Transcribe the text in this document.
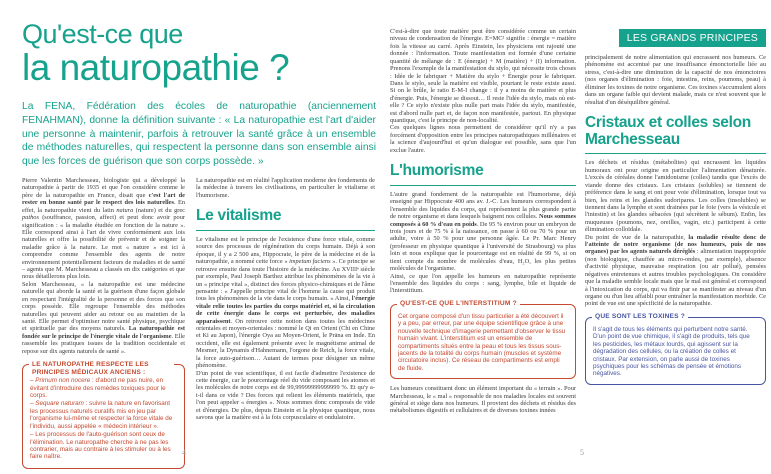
Qu'est-ce que
la naturopathie ?
La FENA, Fédération des écoles de naturopathie (anciennement FENAHMAN), donne la définition suivante : « La naturopathie est l'art d'aider une personne à maintenir, parfois à retrouver la santé grâce à un ensemble de méthodes naturelles, qui respectent la personne dans son ensemble ainsi que les forces de guérison que son corps possède. »

Pierre Valentin Marchesseau, biologiste qui a développé la naturopathie à partir de 1935 et que l'on considère comme le père de la naturopathie en France, disait que c'est l'art de rester en bonne santé par le respect des lois naturelles. En effet, la naturopathie vient du latin natura (nature) et du grec pathos (souffrance, passion, affect) et peut donc avoir pour signification : « la maladie étudiée en fonction de la nature ». Elle correspond ainsi à l'art de vivre conformément aux lois naturelles et offre la possibilité de prévenir et de soigner la maladie grâce à la nature. Le mot « nature » est ici à comprendre comme l'ensemble des agents de notre environnement potentiellement facteurs de maladies et de santé – agents que M. Marchesseau a classés en dix catégories et que nous détaillerons plus loin.

Selon Marchesseau, « la naturopathie est une médecine naturelle qui aborde la santé et la guérison d'une façon globale en respectant l'intégralité de la personne et des forces que son corps possède. Elle regroupe l'ensemble des méthodes naturelles qui peuvent aider au retour ou au maintien de la santé. Elle permet d'optimiser notre santé physique, psychique et spirituelle par des moyens naturels. La naturopathie est fondée sur le principe de l'énergie vitale de l'organisme. Elle rassemble les pratiques issues de la tradition occidentale et repose sur dix agents naturels de santé ».

LE NATUROPATHE RESPECTE LES PRINCIPES MÉDICAUX ANCIENS :
– Primum non nocere : d'abord ne pas nuire, en évitant d'introduire des remèdes toxiques pour le corps.
– Sequare naturam : suivre la nature en favorisant les processus naturels curatifs mis en jeu par l'organisme lui-même et respecter la force vitale de l'individu, aussi appelée « médecin intérieur ».
– Les processus de l'auto-guérison sont ceux de l'élimination. Le naturopathe cherche à ne pas les contrarier, mais au contraire à les stimuler ou à les faire naître.

La naturopathie est en réalité l'application moderne des fondements de la médecine à travers les civilisations, en particulier le vitalisme et l'humorisme.

Le vitalisme

Le vitalisme est le principe de l'existence d'une force vitale, comme source des processus de régénération du corps humain. Déjà à son époque, il y a 2 500 ans, Hippocrate, le père de la médecine et de la naturopathie, a nommé cette force « impetum faciens ». Ce principe se retrouve ensuite dans toute l'histoire de la médecine. Au XVIIIᵉ siècle par exemple, Paul Joseph Barthez attribue les phénomènes de la vie à un « principe vital », distinct des forces physico-chimiques et de l'âme pensante : « J'appelle principe vital de l'homme la cause qui produit tous les phénomènes de la vie dans le corps humain. » Ainsi, l'énergie vitale relie toutes les parties du corps matériel et, si la circulation de cette énergie dans le corps est perturbée, des maladies apparaissent. On retrouve cette notion dans toutes les médecines orientales et moyen-orientales : nommé le Qi en Orient (Chi en Chine et Ki au Japon), l'énergie Oya au Moyen-Orient, le Prāna en Inde. En occident, elle est également présente avec le magnétisme animal de Mesmer, la Dynamis d'Hahnemann, l'orgone de Reich, la force vitale, la force auto-guérison… Autant de termes pour désigner un même phénomène.

D'un point de vue scientifique, il est facile d'admettre l'existence de cette énergie, car le pourcentage réel du vide composant les atomes et les molécules de notre corps est de 99,99999999999999 %. Et qu'y a-t-il dans ce vide ? Des forces qui relient les éléments matériels, que l'on peut appeler « énergies ». Nous sommes donc composés de vide et d'énergies. De plus, depuis Einstein et la physique quantique, nous savons que la matière est à la fois corpusculaire et ondulatoire.

4
LES GRANDS PRINCIPES

C'est-à-dire que toute matière peut être considérée comme un certain niveau de condensation de l'énergie. E=MC² signifie : énergie = matière fois la vitesse au carré. Après Einstein, les physiciens ont rajouté une donnée : l'information. Toute manifestation est formée d'une certaine quantité de mélange de : E (énergie) + M (matière) + (I) information. Prenons l'exemple de la manifestation du stylo, qui nécessite trois choses : Idée de le fabriquer + Matière du stylo + Énergie pour le fabriquer. Dans le stylo, seule la matière est visible, pourtant le reste existe aussi. Si on le brûle, le ratio E-M-I change : il y a moins de matière et plus d'énergie. Puis, l'énergie se dissout… Il reste l'idée du stylo, mais où est-elle ? Ce stylo n'existe plus nulle part mais l'idée du stylo, manifestée, est d'abord nulle part et, de façon non manifestée, partout. En physique quantique, c'est le principe de non-localité.

Ces quelques lignes nous permettent de considérer qu'il n'y a pas forcément d'opposition entre les principes naturopathiques millénaires et la science d'aujourd'hui et qu'un dialogue est possible, sans que l'un exclue l'autre.

L'humorisme

L'autre grand fondement de la naturopathie est l'humorisme, déjà enseigné par Hippocrate 400 ans av. J.-C. Les humeurs correspondent à l'ensemble des liquides du corps, qui représentent la plus grande partie de notre organisme et dans lesquels baignent nos cellules. Nous sommes composés à 60 % d'eau en poids. De 95 % environ pour un embryon de trois jours et de 75 % à la naissance, on passe à 60 ou 70 % pour un adulte, voire à 50 % pour une personne âgée. Le Pr. Marc Henry (professeur en physique quantique à l'université de Strasbourg) va plus loin et nous explique que le pourcentage est en réalité de 99 %, si on tient compte du nombre de molécules d'eau, H₂O, les plus petites molécules de l'organisme.

Ainsi, ce que l'on appelle les humeurs en naturopathie représente l'ensemble des liquides du corps : sang, lymphe, bile et liquide de l'interstitium.

QU'EST-CE QUE L'INTERSTITIUM ?
Cet organe composé d'un tissu particulier a été découvert il y a peu, par erreur, par une équipe scientifique grâce à une nouvelle technique d'imagerie permettant d'observer le tissu humain vivant. L'interstitium est un ensemble de compartiments situés entre la peau et tous les tissus sous-jacents de la totalité du corps humain (muscles et système circulatoire inclus). Ce réseau de compartiments est empli de fluide.

Les humeurs constituent donc un élément important du « terrain ». Pour Marchesseau, le « mal » responsable de nos maladies locales est souvent général et siège dans nos humeurs. Il provient des déchets et résidus des métabolismes digestifs et cellulaires et de diverses toxines innées

principalement de notre alimentation qui encrassent nos humeurs. Ce phénomène est accentué par une insuffisance émonctorielle liée au stress, c'est-à-dire une diminution de la capacité de nos émonctoires (nos organes d'élimination : foie, intestins, reins, poumons, peau) à éliminer les toxines de notre organisme. Ces toxines s'accumulent alors dans un organe faible qui devient malade, mais ce n'est souvent que le résultat d'un déséquilibre général.

Cristaux et colles selon Marchesseau

Les déchets et résidus (métabolites) qui encrassent les liquides humoraux ont pour origine en particulier l'alimentation dénaturée. L'excès de céréales donne l'amidonisme (colles) tandis que l'excès de viande donne des cristaux. Les cristaux (solubles) se tiennent de préférence dans le sang et ont pour voie d'élimination, lorsque tout va bien, les reins et les glandes sudoripares. Les colles (insolubles) se tiennent dans la lymphe et sont drainées par le foie (vers la vésicule et l'intestin) et les glandes sébacées (qui sécrètent le sébum). Enfin, les muqueuses (poumons, nez, oreilles, vagin, etc.) participent à cette élimination colloïdale.

Du point de vue de la naturopathie, la maladie résulte donc de l'atteinte de notre organisme (de nos humeurs, puis de nos organes) par les agents naturels déréglés : alimentation inappropriée (non biologique, chauffée au micro-ondes, par exemple), absence d'activité physique, mauvaise respiration (ou air pollué), pensées négatives entretenues et autres troubles psychologiques. On considère que la maladie semble locale mais que le mal est général et correspond à l'intoxication du corps, qui va finir par se manifester au niveau d'un organe ou d'un lieu affaibli pour entraîner la manifestation morbide. Ce point de vue est une spécificité de la naturopathie.

QUE SONT LES TOXINES ?
Il s'agit de tous les éléments qui perturbent notre santé. D'un point de vue chimique, il s'agit de produits, tels que les pesticides, les métaux lourds, qui agissent sur la dégradation des cellules, ou la création de colles et cristaux. Par extension, on parle aussi de toxines psychiques pour les schémas de pensée et émotions négatives.
5
